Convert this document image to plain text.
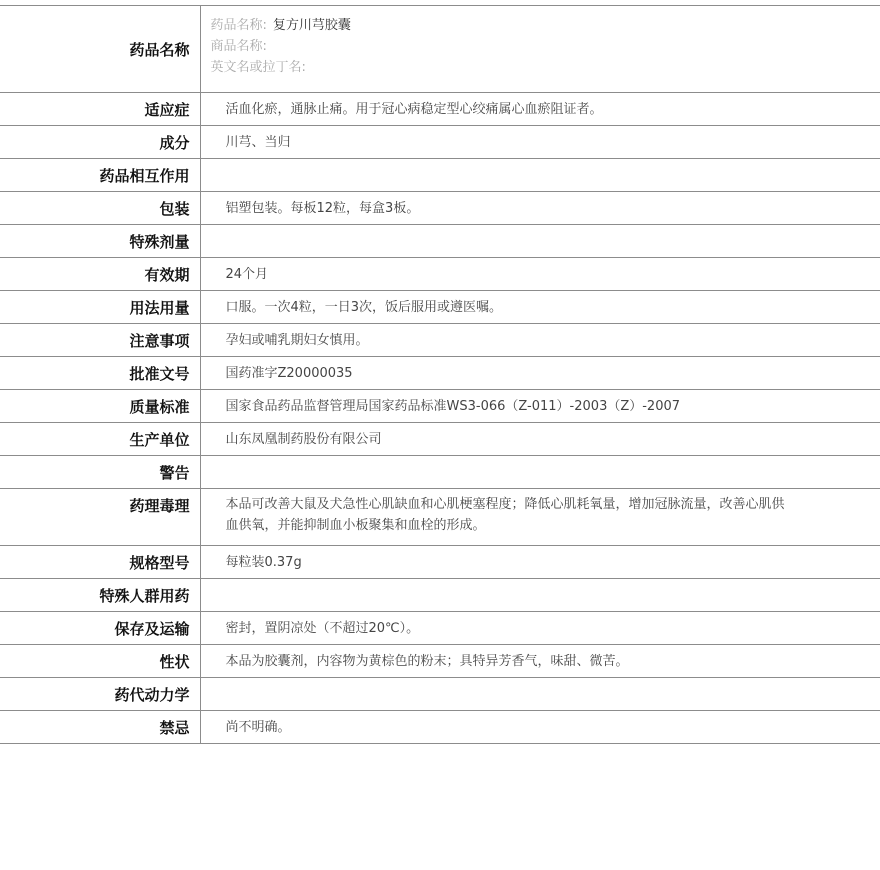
药品名称	药品名称: 复方川芎胶囊
商品名称:
英文名或拉丁名:

适应症	活血化瘀，通脉止痛。用于冠心病稳定型心绞痛属心血瘀阻证者。
成分	川芎、当归
药品相互作用	
包装	铝塑包装。每板12粒，每盒3板。
特殊剂量	
有效期	24个月
用法用量	口服。一次4粒，一日3次，饭后服用或遵医嘱。
注意事项	孕妇或哺乳期妇女慎用。
批准文号	国药准字Z20000035
质量标准	国家食品药品监督管理局国家药品标准WS3-066（Z-011）-2003（Z）-2007
生产单位	山东凤凰制药股份有限公司
警告	
药理毒理	本品可改善大鼠及犬急性心肌缺血和心肌梗塞程度；降低心肌耗氧量，增加冠脉流量，改善心肌供血供氧，并能抑制血小板聚集和血栓的形成。
规格型号	每粒装0.37g
特殊人群用药	
保存及运输	密封，置阴凉处（不超过20℃）。
性状	本品为胶囊剂，内容物为黄棕色的粉末；具特异芳香气，味甜、微苦。
药代动力学	
禁忌	尚不明确。
